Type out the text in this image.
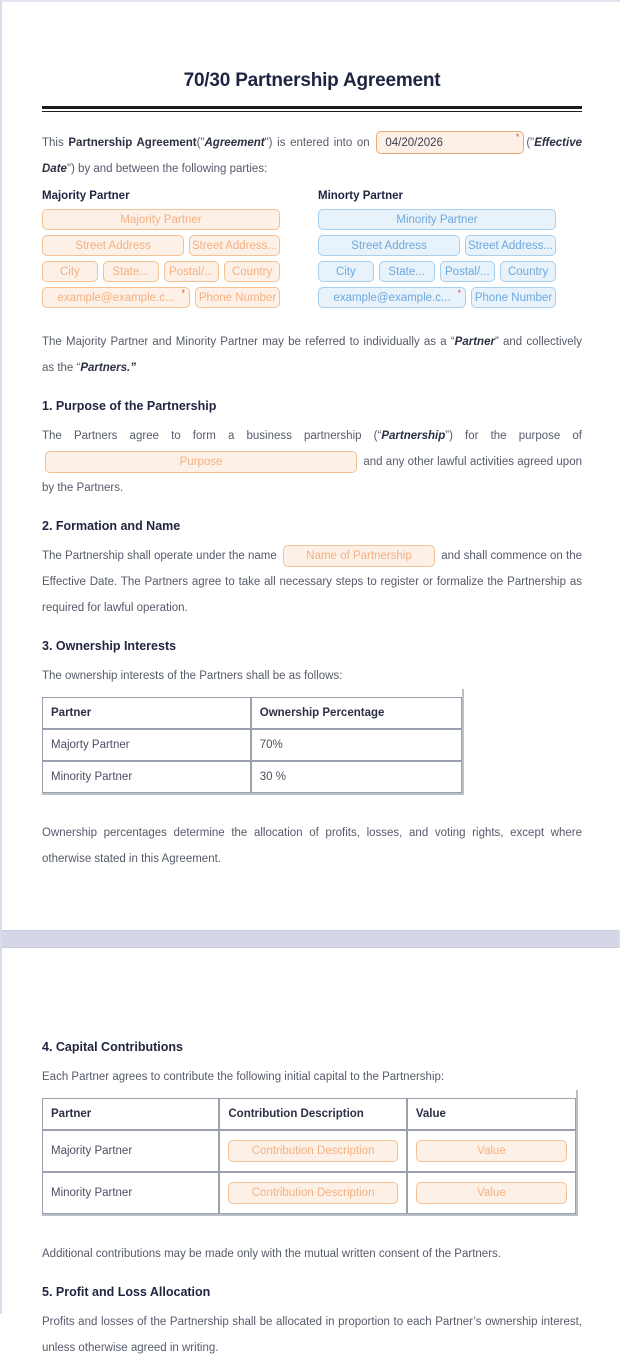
70/30 Partnership Agreement

This Partnership Agreement("Agreement") is entered into on 04/20/2026	* ("Effective Date") by and between the following parties:

Majority Partner
Majority Partner
Street Address	Street Address...
City	State...	Postal/...	Country
example@example.c... *	Phone Number
Minorty Partner
Minority Partner
Street Address	Street Address...
City	State...	Postal/...	Country
example@example.c... *	Phone Number

The Majority Partner and Minority Partner may be referred to individually as a “Partner” and collectively as the “Partners.”

1. Purpose of the Partnership

The Partners agree to form a business partnership (“Partnership”) for the purpose of Purpose	and any other lawful activities agreed upon by the Partners.

2. Formation and Name

The Partnership shall operate under the name	Name of Partnership	and shall commence on the Effective Date. The Partners agree to take all necessary steps to register or formalize the Partnership as required for lawful operation.

3. Ownership Interests

The ownership interests of the Partners shall be as follows:

Partner	Ownership Percentage
Majorty Partner	70%
Minority Partner	30 %

Ownership percentages determine the allocation of profits, losses, and voting rights, except where otherwise stated in this Agreement.

4. Capital Contributions

Each Partner agrees to contribute the following initial capital to the Partnership:

Partner	Contribution Description	Value
Majority Partner	Contribution Description	Value
Minority Partner	Contribution Description	Value

Additional contributions may be made only with the mutual written consent of the Partners.

5. Profit and Loss Allocation

Profits and losses of the Partnership shall be allocated in proportion to each Partner’s ownership interest, unless otherwise agreed in writing.
